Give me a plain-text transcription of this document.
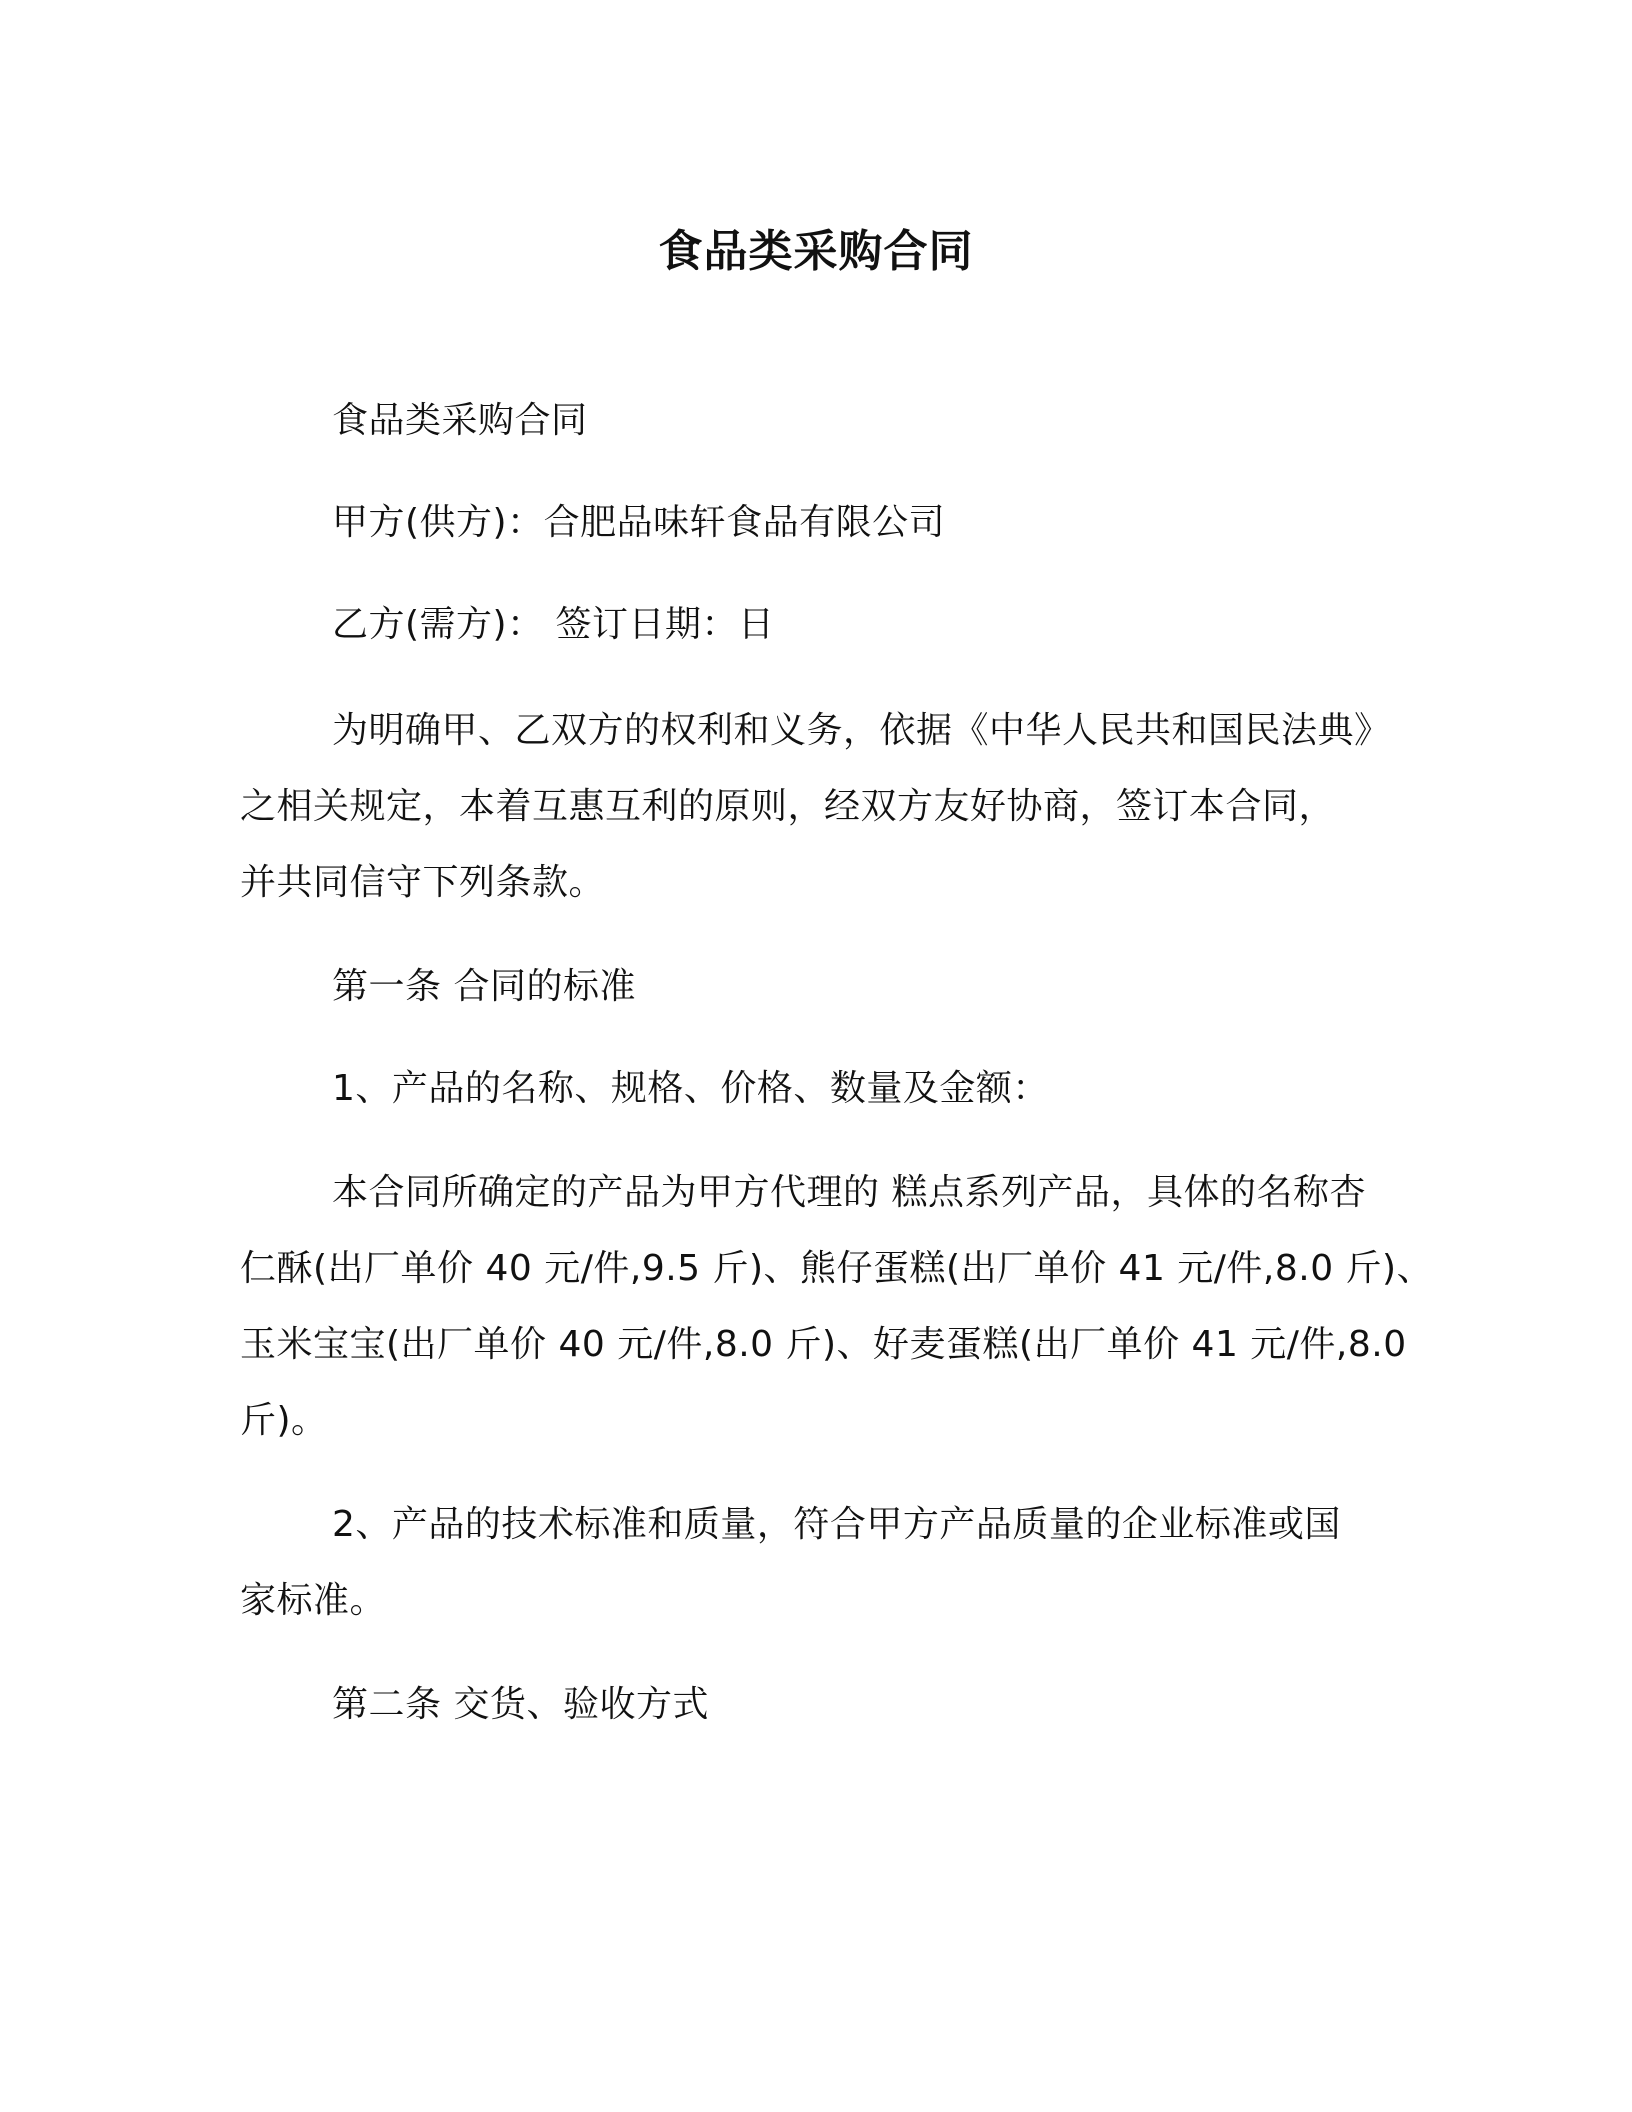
食品类采购合同
食品类采购合同
甲方(供方)：合肥品味轩食品有限公司
乙方(需方)： 签订日期：日
为明确甲、乙双方的权利和义务，依据《中华人民共和国民法典》
之相关规定，本着互惠互利的原则，经双方友好协商，签订本合同，
并共同信守下列条款。
第一条 合同的标准
1、产品的名称、规格、价格、数量及金额：
本合同所确定的产品为甲方代理的 糕点系列产品，具体的名称杏
仁酥(出厂单价 40 元/件,9.5 斤)、熊仔蛋糕(出厂单价 41 元/件,8.0 斤)、
玉米宝宝(出厂单价 40 元/件,8.0 斤)、好麦蛋糕(出厂单价 41 元/件,8.0
斤)。
2、产品的技术标准和质量，符合甲方产品质量的企业标准或国
家标准。
第二条 交货、验收方式
